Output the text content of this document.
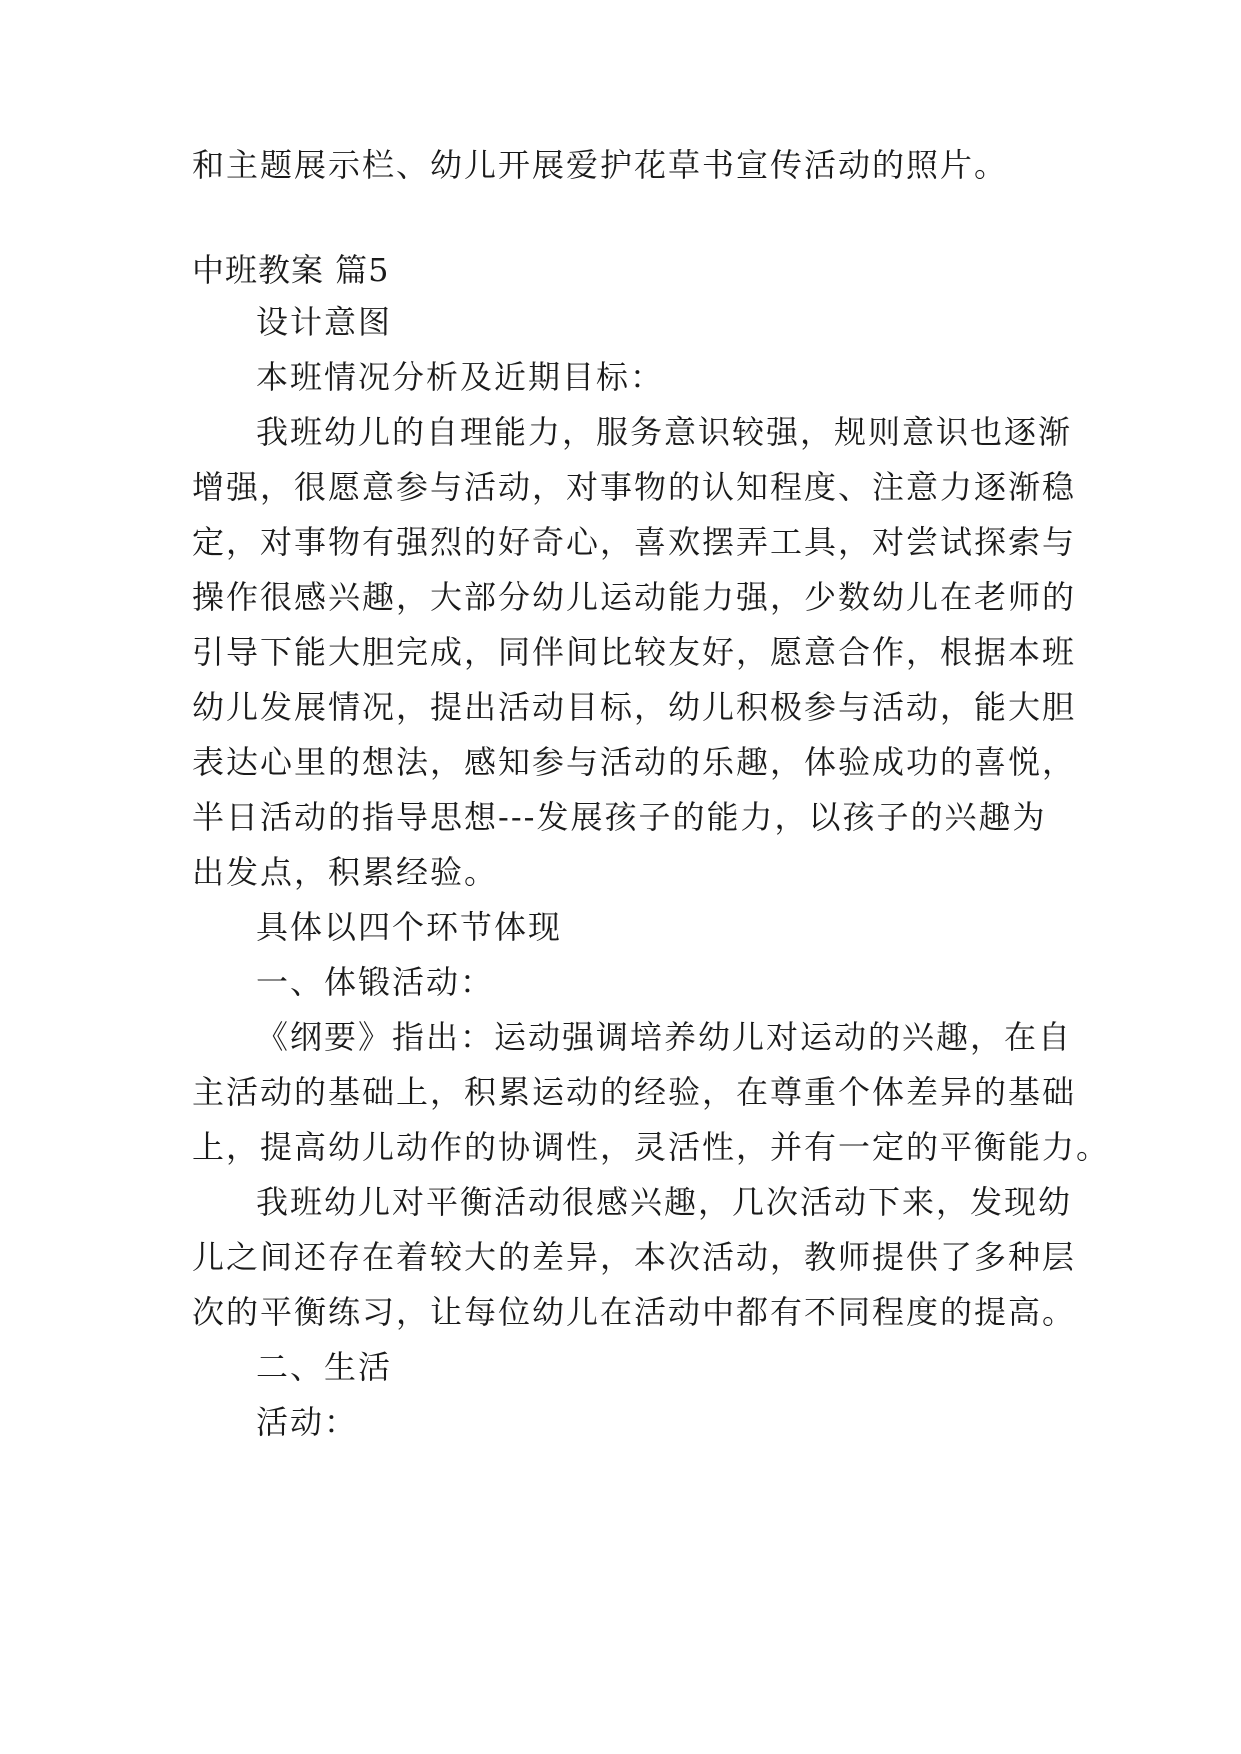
和主题展示栏、幼儿开展爱护花草书宣传活动的照片。
中班教案 篇5
设计意图
本班情况分析及近期目标：
我班幼儿的自理能力，服务意识较强，规则意识也逐渐
增强，很愿意参与活动，对事物的认知程度、注意力逐渐稳
定，对事物有强烈的好奇心，喜欢摆弄工具，对尝试探索与
操作很感兴趣，大部分幼儿运动能力强，少数幼儿在老师的
引导下能大胆完成，同伴间比较友好，愿意合作，根据本班
幼儿发展情况，提出活动目标，幼儿积极参与活动，能大胆
表达心里的想法，感知参与活动的乐趣，体验成功的喜悦，
半日活动的指导思想---发展孩子的能力，以孩子的兴趣为
出发点，积累经验。
具体以四个环节体现
一、体锻活动：
《纲要》指出：运动强调培养幼儿对运动的兴趣，在自
主活动的基础上，积累运动的经验，在尊重个体差异的基础
上，提高幼儿动作的协调性，灵活性，并有一定的平衡能力。
我班幼儿对平衡活动很感兴趣，几次活动下来，发现幼
儿之间还存在着较大的差异，本次活动，教师提供了多种层
次的平衡练习，让每位幼儿在活动中都有不同程度的提高。
二、生活
活动：
